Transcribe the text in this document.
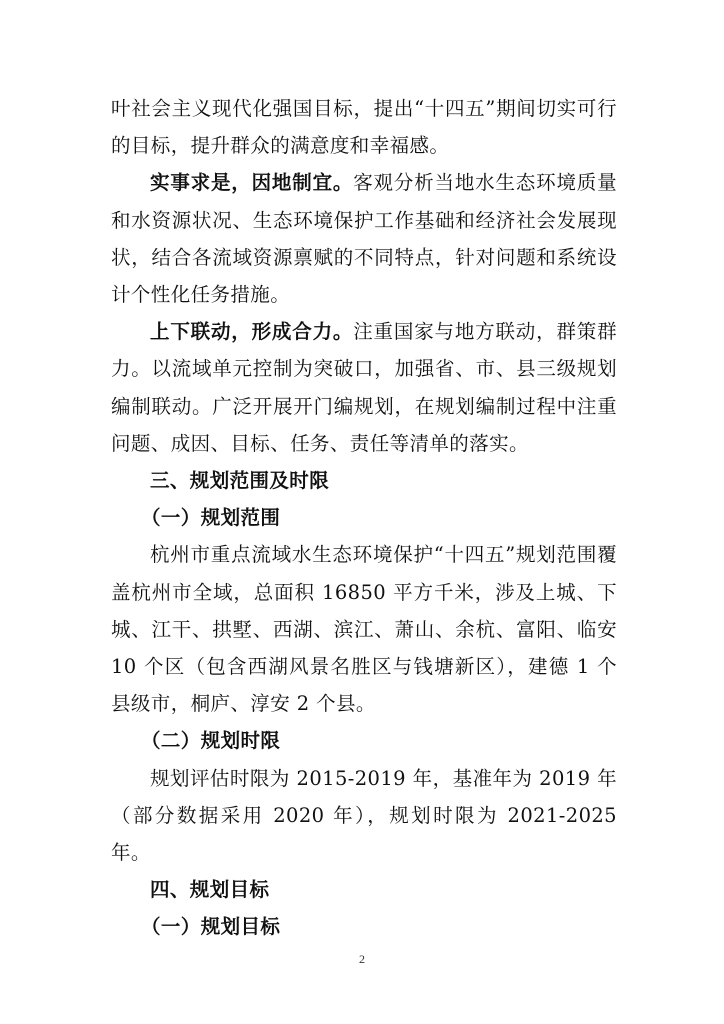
叶社会主义现代化强国目标，提出“十四五”期间切实可行的目标，提升群众的满意度和幸福感。

实事求是，因地制宜。客观分析当地水生态环境质量和水资源状况、生态环境保护工作基础和经济社会发展现状，结合各流域资源禀赋的不同特点，针对问题和系统设计个性化任务措施。

上下联动，形成合力。注重国家与地方联动，群策群力。以流域单元控制为突破口，加强省、市、县三级规划编制联动。广泛开展开门编规划，在规划编制过程中注重问题、成因、目标、任务、责任等清单的落实。

三、规划范围及时限

（一）规划范围

杭州市重点流域水生态环境保护“十四五”规划范围覆盖杭州市全域，总面积 16850 平方千米，涉及上城、下城、江干、拱墅、西湖、滨江、萧山、余杭、富阳、临安 10 个区（包含西湖风景名胜区与钱塘新区），建德 1 个县级市，桐庐、淳安 2 个县。

（二）规划时限

规划评估时限为 2015-2019 年，基准年为 2019 年（部分数据采用 2020 年），规划时限为 2021-2025 年。

四、规划目标

（一）规划目标

2
